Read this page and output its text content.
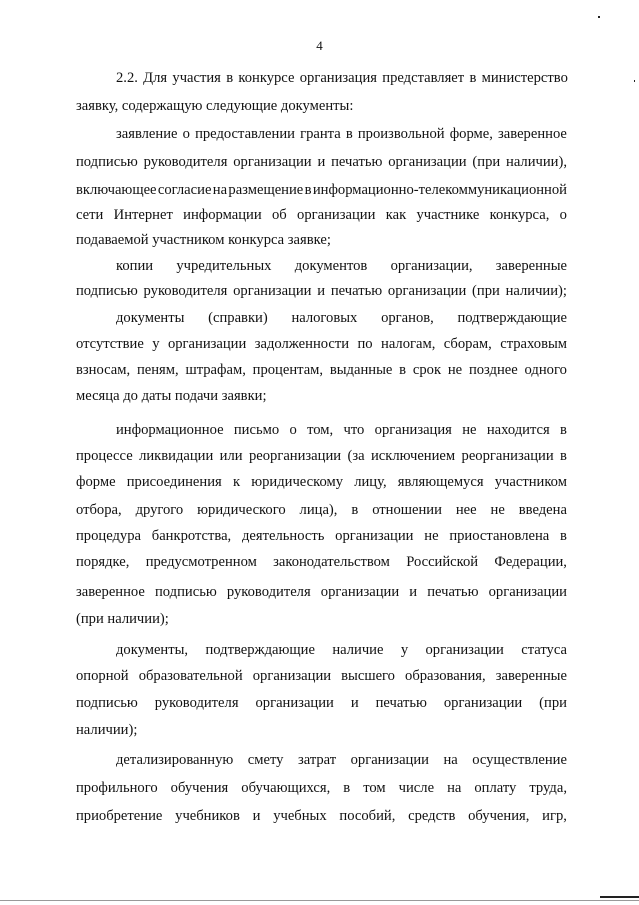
4
2.2. Для участия в конкурсе организация представляет в министерство
заявку, содержащую следующие документы:
заявление о предоставлении гранта в произвольной форме, заверенное
подписью руководителя организации и печатью организации (при наличии),
включающее согласие на размещение в информационно-телекоммуникационной
сети Интернет информации об организации как участнике конкурса, о
подаваемой участником конкурса заявке;
копии учредительных документов организации, заверенные
подписью руководителя организации и печатью организации (при наличии);
документы (справки) налоговых органов, подтверждающие
отсутствие у организации задолженности по налогам, сборам, страховым
взносам, пеням, штрафам, процентам, выданные в срок не позднее одного
месяца до даты подачи заявки;
информационное письмо о том, что организация не находится в
процессе ликвидации или реорганизации (за исключением реорганизации в
форме присоединения к юридическому лицу, являющемуся участником
отбора, другого юридического лица), в отношении нее не введена
процедура банкротства, деятельность организации не приостановлена в
порядке, предусмотренном законодательством Российской Федерации,
заверенное подписью руководителя организации и печатью организации
(при наличии);
документы, подтверждающие наличие у организации статуса
опорной образовательной организации высшего образования, заверенные
подписью руководителя организации и печатью организации (при
наличии);
детализированную смету затрат организации на осуществление
профильного обучения обучающихся, в том числе на оплату труда,
приобретение учебников и учебных пособий, средств обучения, игр,
